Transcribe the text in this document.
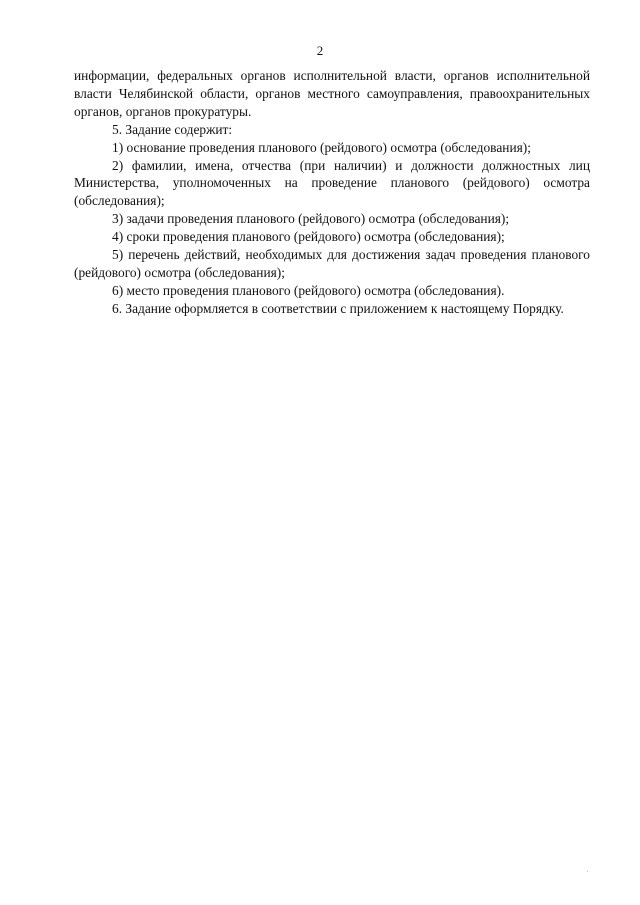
2

информации, федеральных органов исполнительной власти, органов исполнительной власти Челябинской области, органов местного самоуправления, правоохранительных органов, органов прокуратуры.

5. Задание содержит:

1) основание проведения планового (рейдового) осмотра (обследования);

2) фамилии, имена, отчества (при наличии) и должности должностных лиц Министерства, уполномоченных на проведение планового (рейдового) осмотра (обследования);

3) задачи проведения планового (рейдового) осмотра (обследования);

4) сроки проведения планового (рейдового) осмотра (обследования);

5) перечень действий, необходимых для достижения задач проведения планового (рейдового) осмотра (обследования);

6) место проведения планового (рейдового) осмотра (обследования).

6. Задание оформляется в соответствии с приложением к настоящему Порядку.
